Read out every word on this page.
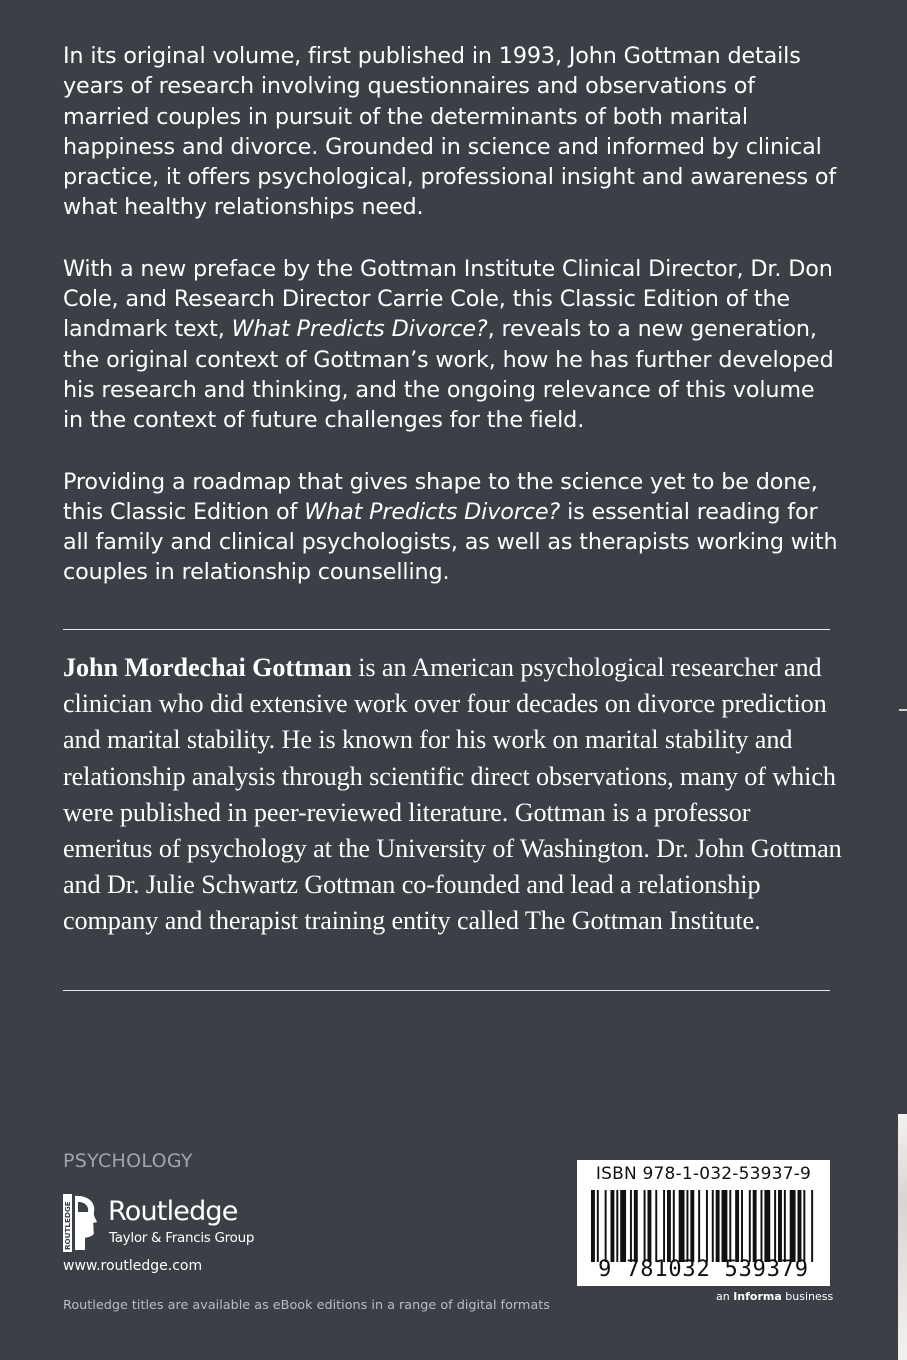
In its original volume, first published in 1993, John Gottman details years of research involving questionnaires and observations of married couples in pursuit of the determinants of both marital happiness and divorce. Grounded in science and informed by clinical practice, it offers psychological, professional insight and awareness of what healthy relationships need.

With a new preface by the Gottman Institute Clinical Director, Dr. Don Cole, and Research Director Carrie Cole, this Classic Edition of the landmark text, What Predicts Divorce?, reveals to a new generation, the original context of Gottman’s work, how he has further developed his research and thinking, and the ongoing relevance of this volume in the context of future challenges for the field.

Providing a roadmap that gives shape to the science yet to be done, this Classic Edition of What Predicts Divorce? is essential reading for all family and clinical psychologists, as well as therapists working with couples in relationship counselling.

John Mordechai Gottman is an American psychological researcher and clinician who did extensive work over four decades on divorce prediction and marital stability. He is known for his work on marital stability and relationship analysis through scientific direct observations, many of which were published in peer-reviewed literature. Gottman is a professor emeritus of psychology at the University of Washington. Dr. John Gottman and Dr. Julie Schwartz Gottman co-founded and lead a relationship company and therapist training entity called The Gottman Institute.
PSYCHOLOGY
ROUTLEDGE Routledge
Taylor & Francis Group
www.routledge.com
Routledge titles are available as eBook editions in a range of digital formats
ISBN 978-1-032-53937-9
9 781032 539379
an Informa business
